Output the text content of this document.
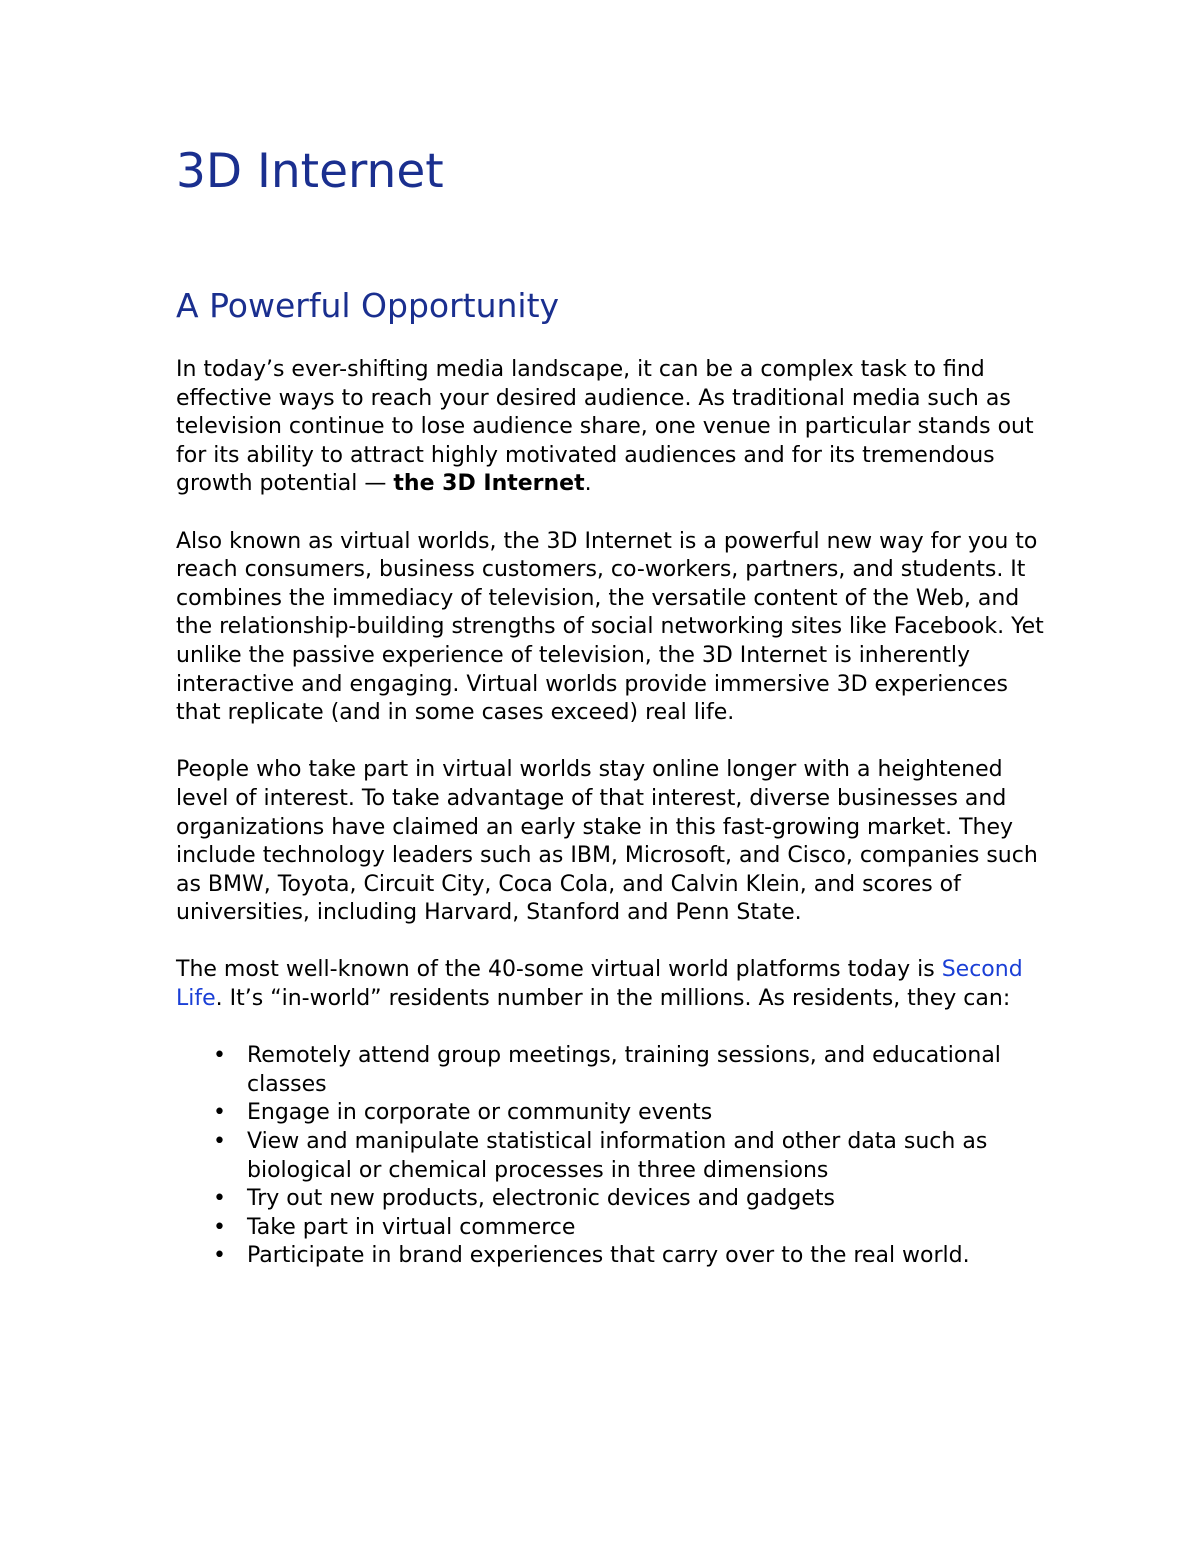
3D Internet
A Powerful Opportunity

In today’s ever-shifting media landscape, it can be a complex task to find effective ways to reach your desired audience. As traditional media such as television continue to lose audience share, one venue in particular stands out for its ability to attract highly motivated audiences and for its tremendous growth potential — the 3D Internet.

Also known as virtual worlds, the 3D Internet is a powerful new way for you to reach consumers, business customers, co-workers, partners, and students. It combines the immediacy of television, the versatile content of the Web, and the relationship-building strengths of social networking sites like Facebook. Yet unlike the passive experience of television, the 3D Internet is inherently interactive and engaging. Virtual worlds provide immersive 3D experiences that replicate (and in some cases exceed) real life.

People who take part in virtual worlds stay online longer with a heightened level of interest. To take advantage of that interest, diverse businesses and organizations have claimed an early stake in this fast-growing market. They include technology leaders such as IBM, Microsoft, and Cisco, companies such as BMW, Toyota, Circuit City, Coca Cola, and Calvin Klein, and scores of universities, including Harvard, Stanford and Penn State.

The most well-known of the 40-some virtual world platforms today is Second Life. It’s “in-world” residents number in the millions. As residents, they can:

• Remotely attend group meetings, training sessions, and educational classes
• Engage in corporate or community events
• View and manipulate statistical information and other data such as biological or chemical processes in three dimensions
• Try out new products, electronic devices and gadgets
• Take part in virtual commerce
• Participate in brand experiences that carry over to the real world.
